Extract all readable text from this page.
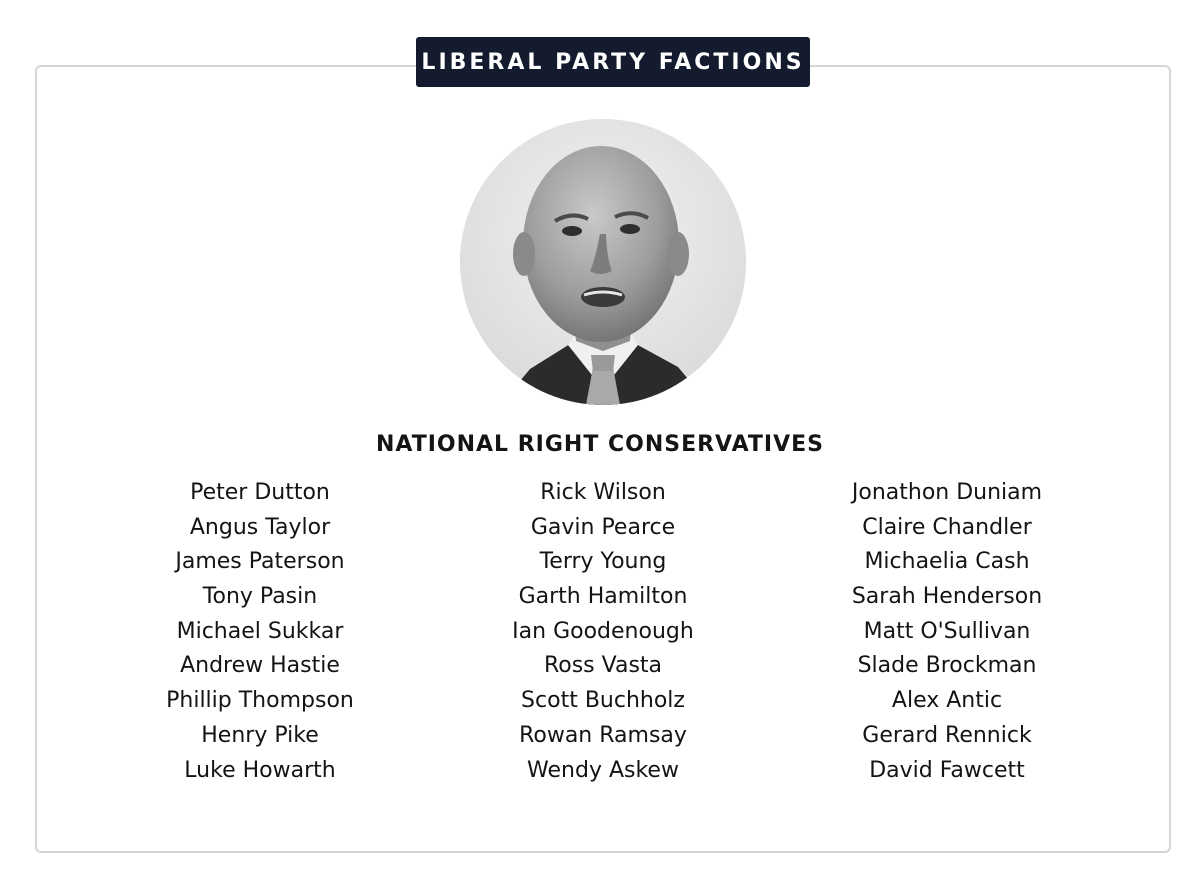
LIBERAL PARTY FACTIONS
NATIONAL RIGHT CONSERVATIVES
Peter Dutton
Angus Taylor
James Paterson
Tony Pasin
Michael Sukkar
Andrew Hastie
Phillip Thompson
Henry Pike
Luke Howarth
Rick Wilson
Gavin Pearce
Terry Young
Garth Hamilton
Ian Goodenough
Ross Vasta
Scott Buchholz
Rowan Ramsay
Wendy Askew
Jonathon Duniam
Claire Chandler
Michaelia Cash
Sarah Henderson
Matt O'Sullivan
Slade Brockman
Alex Antic
Gerard Rennick
David Fawcett
